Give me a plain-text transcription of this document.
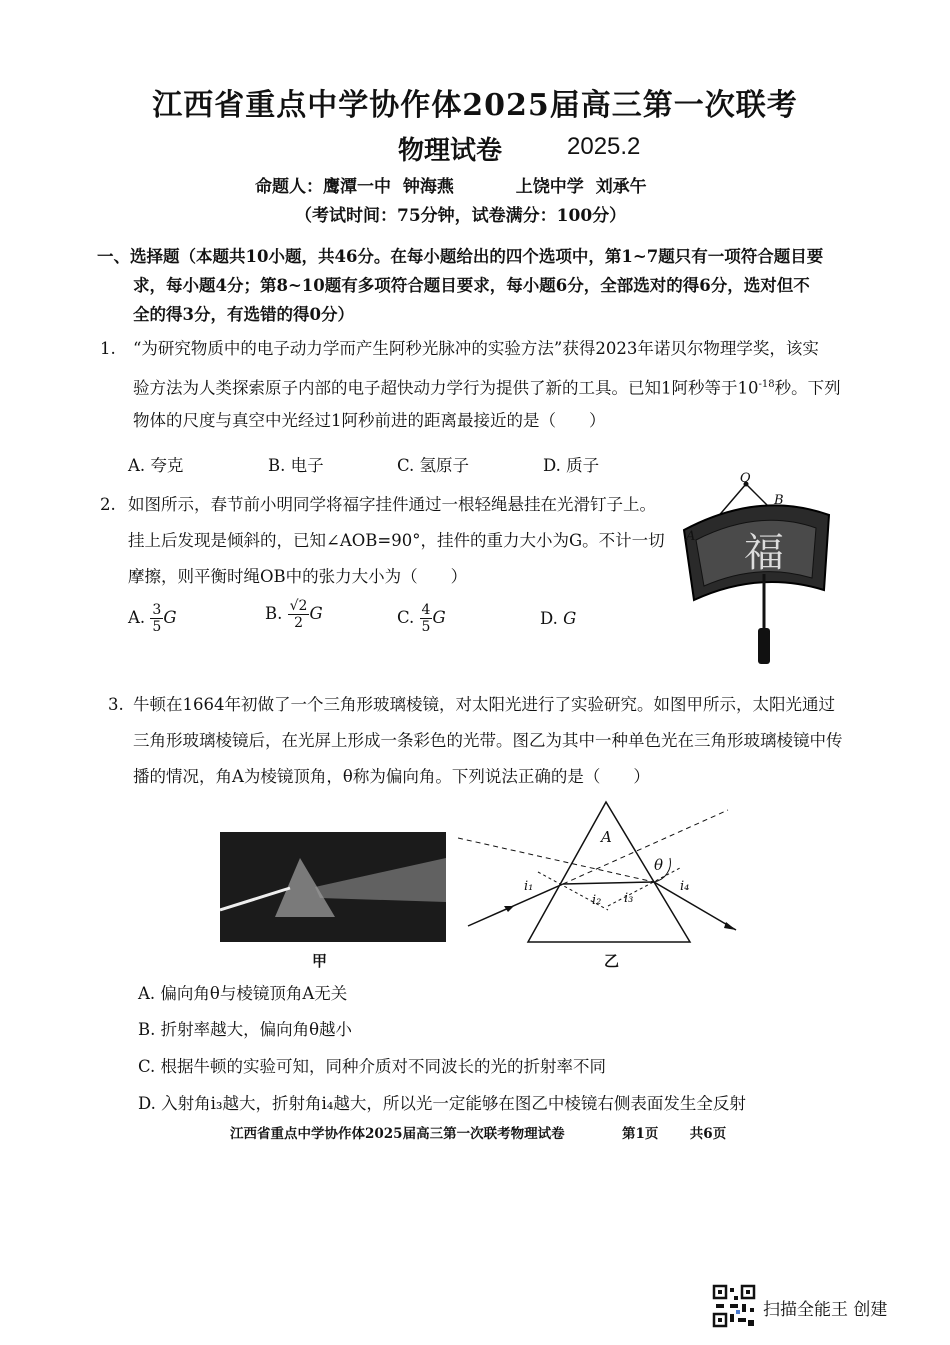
江西省重点中学协作体2025届高三第一次联考
物理试卷	2025.2
命题人：鹰潭一中 钟海燕	上饶中学 刘承午
（考试时间：75分钟，试卷满分：100分）
一、选择题（本题共10小题，共46分。在每小题给出的四个选项中，第1~7题只有一项符合题目要
求，每小题4分；第8~10题有多项符合题目要求，每小题6分，全部选对的得6分，选对但不
全的得3分，有选错的得0分）
1. “为研究物质中的电子动力学而产生阿秒光脉冲的实验方法”获得2023年诺贝尔物理学奖，该实
验方法为人类探索原子内部的电子超快动力学行为提供了新的工具。已知1阿秒等于$10^{-18}$秒。下列
物体的尺度与真空中光经过1阿秒前进的距离最接近的是（　　）
A. 夸克	B. 电子	C. 氢原子	D. 质子
2. 如图所示，春节前小明同学将福字挂件通过一根轻绳悬挂在光滑钉子上。
挂上后发现是倾斜的，已知∠AOB=90°，挂件的重力大小为G。不计一切
摩擦，则平衡时绳OB中的张力大小为（　　）
A. $\frac{3}{5}$ G	B. $\frac{√2}{2}$ G	C. $\frac{4}{5}$ G	D. G
福
O
B
A
3. 牛顿在1664年初做了一个三角形玻璃棱镜，对太阳光进行了实验研究。如图甲所示，太阳光通过
三角形玻璃棱镜后，在光屏上形成一条彩色的光带。图乙为其中一种单色光在三角形玻璃棱镜中传
播的情况，角A为棱镜顶角，θ称为偏向角。下列说法正确的是（　　）
甲
A
θ
i₁
i₂ i₃
i₄
乙
A. 偏向角θ与棱镜顶角A无关
B. 折射率越大，偏向角θ越小
C. 根据牛顿的实验可知，同种介质对不同波长的光的折射率不同
D. 入射角i₃越大，折射角i₄越大，所以光一定能够在图乙中棱镜右侧表面发生全反射
江西省重点中学协作体2025届高三第一次联考物理试卷	第1页 共6页
扫描全能王 创建
